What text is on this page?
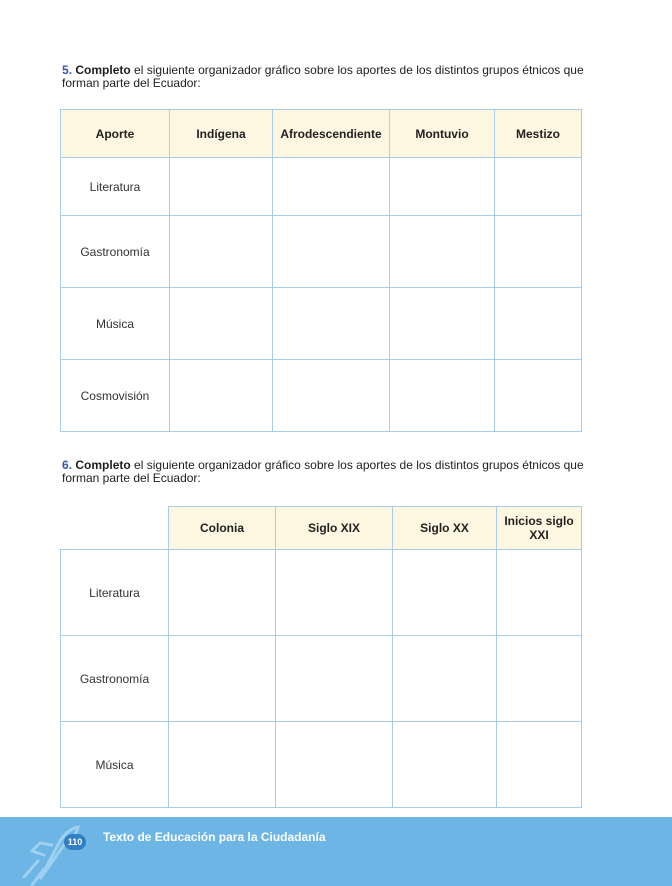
5. Completo el siguiente organizador gráfico sobre los aportes de los distintos grupos étnicos que forman parte del Ecuador:
Aporte	Indígena	Afrodescendiente	Montuvio	Mestizo
Literatura				
Gastronomía				
Música				
Cosmovisión				
6. Completo el siguiente organizador gráfico sobre los aportes de los distintos grupos étnicos que forman parte del Ecuador:
	Colonia	Siglo XIX	Siglo XX	Inicios siglo XXI
Literatura				
Gastronomía				
Música				
110	Texto de Educación para la Ciudadanía
